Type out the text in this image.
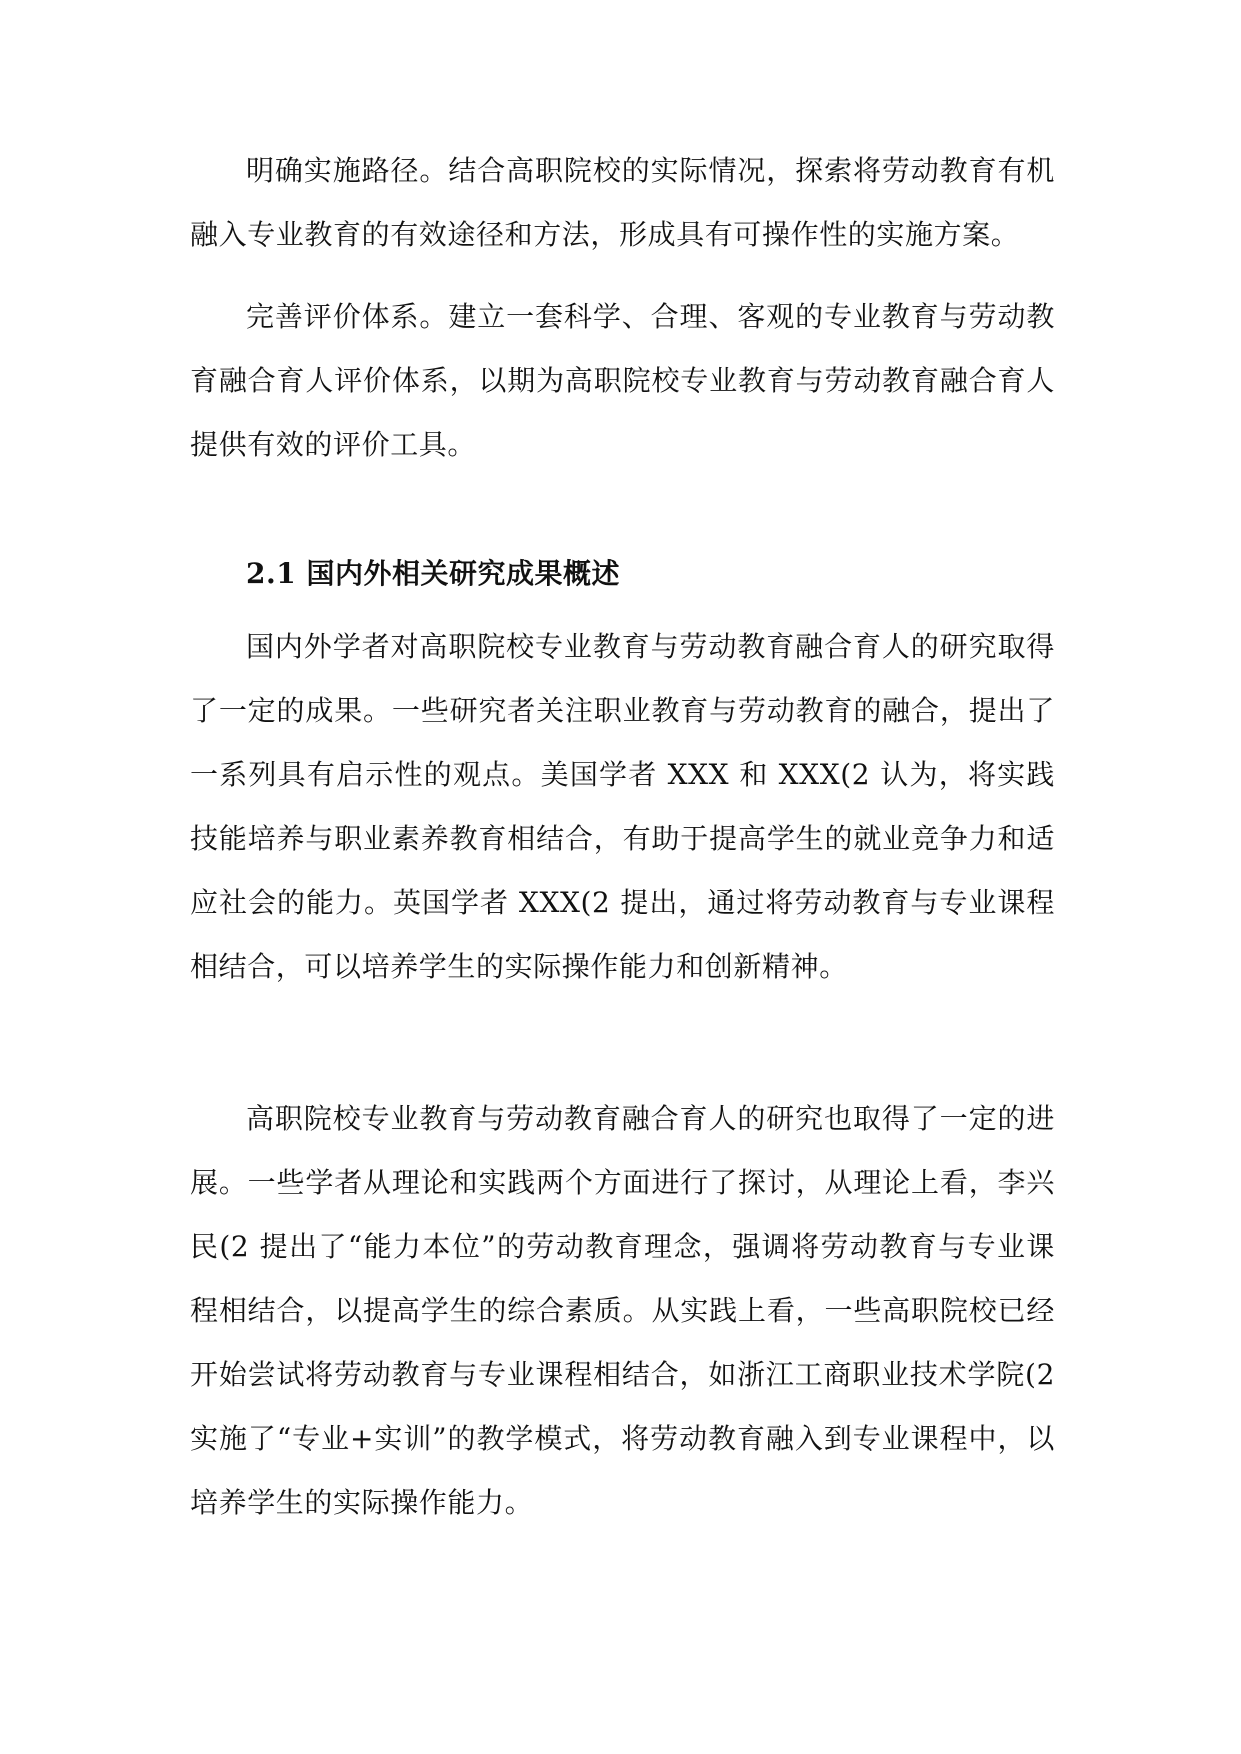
明确实施路径。结合高职院校的实际情况，探索将劳动教育有机融入专业教育的有效途径和方法，形成具有可操作性的实施方案。

完善评价体系。建立一套科学、合理、客观的专业教育与劳动教育融合育人评价体系，以期为高职院校专业教育与劳动教育融合育人提供有效的评价工具。

2.1 国内外相关研究成果概述

国内外学者对高职院校专业教育与劳动教育融合育人的研究取得了一定的成果。一些研究者关注职业教育与劳动教育的融合，提出了一系列具有启示性的观点。美国学者 XXX 和 XXX(2 认为，将实践技能培养与职业素养教育相结合，有助于提高学生的就业竞争力和适应社会的能力。英国学者 XXX(2 提出，通过将劳动教育与专业课程相结合，可以培养学生的实际操作能力和创新精神。

高职院校专业教育与劳动教育融合育人的研究也取得了一定的进展。一些学者从理论和实践两个方面进行了探讨，从理论上看，李兴民(2 提出了“能力本位”的劳动教育理念，强调将劳动教育与专业课程相结合，以提高学生的综合素质。从实践上看，一些高职院校已经开始尝试将劳动教育与专业课程相结合，如浙江工商职业技术学院(2 实施了“专业+实训”的教学模式，将劳动教育融入到专业课程中，以培养学生的实际操作能力。
